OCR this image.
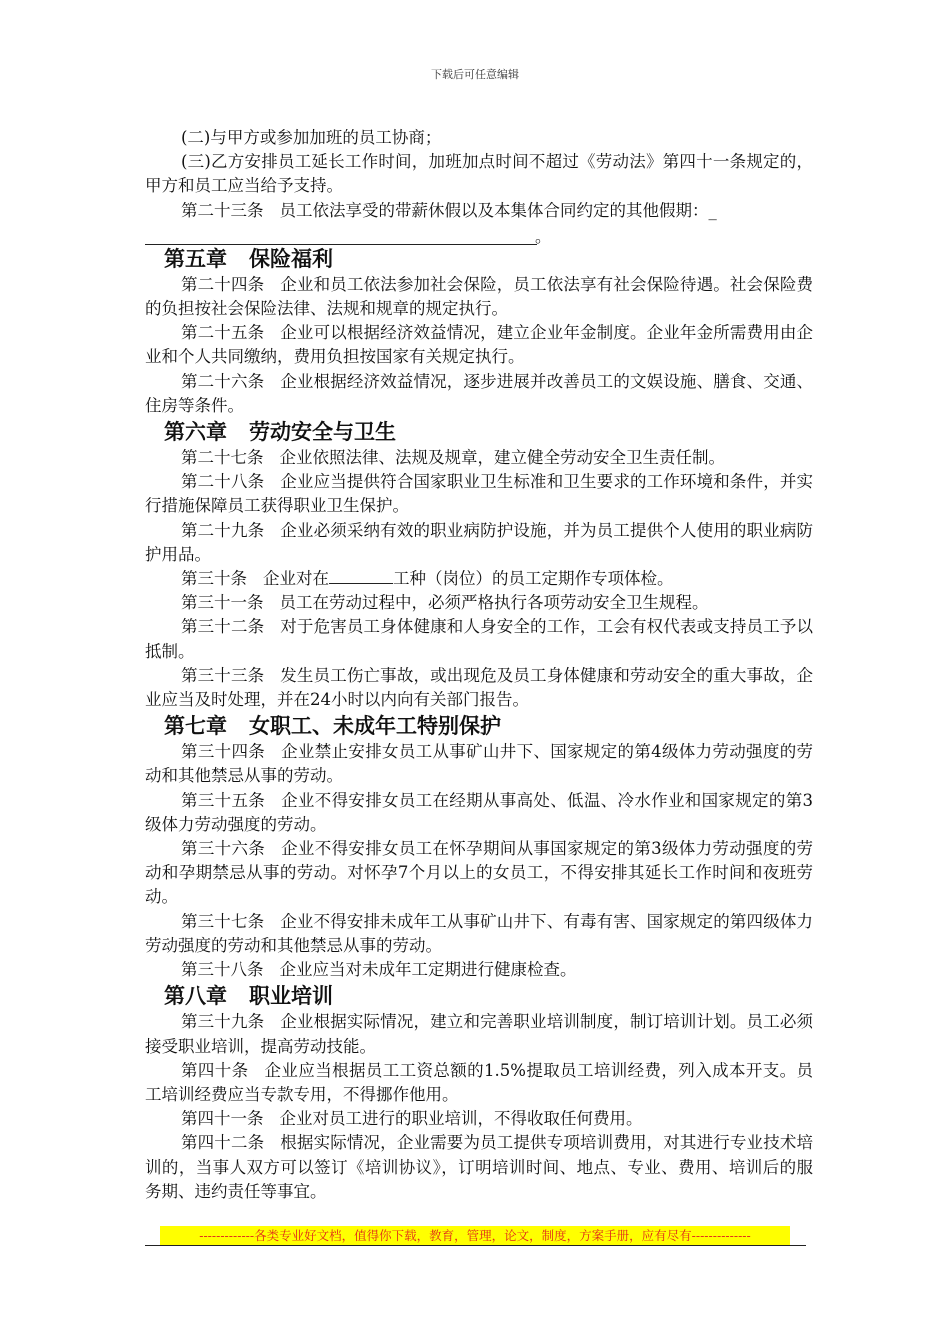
下载后可任意编辑

(二)与甲方或参加加班的员工协商；

(三)乙方安排员工延长工作时间，加班加点时间不超过《劳动法》第四十一条规定的，甲方和员工应当给予支持。

第二十三条 员工依法享受的带薪休假以及本集体合同约定的其他假期：_

。
第五章 保险福利

第二十四条 企业和员工依法参加社会保险，员工依法享有社会保险待遇。社会保险费的负担按社会保险法律、法规和规章的规定执行。

第二十五条 企业可以根据经济效益情况，建立企业年金制度。企业年金所需费用由企业和个人共同缴纳，费用负担按国家有关规定执行。

第二十六条 企业根据经济效益情况，逐步进展并改善员工的文娱设施、膳食、交通、住房等条件。

第六章 劳动安全与卫生

第二十七条 企业依照法律、法规及规章，建立健全劳动安全卫生责任制。

第二十八条 企业应当提供符合国家职业卫生标准和卫生要求的工作环境和条件，并实行措施保障员工获得职业卫生保护。

第二十九条 企业必须采纳有效的职业病防护设施，并为员工提供个人使用的职业病防护用品。

第三十条 企业对在	工种（岗位）的员工定期作专项体检。

第三十一条 员工在劳动过程中，必须严格执行各项劳动安全卫生规程。

第三十二条 对于危害员工身体健康和人身安全的工作，工会有权代表或支持员工予以抵制。

第三十三条 发生员工伤亡事故，或出现危及员工身体健康和劳动安全的重大事故，企业应当及时处理，并在24小时以内向有关部门报告。

第七章 女职工、未成年工特别保护

第三十四条 企业禁止安排女员工从事矿山井下、国家规定的第4级体力劳动强度的劳动和其他禁忌从事的劳动。

第三十五条 企业不得安排女员工在经期从事高处、低温、冷水作业和国家规定的第3级体力劳动强度的劳动。

第三十六条 企业不得安排女员工在怀孕期间从事国家规定的第3级体力劳动强度的劳动和孕期禁忌从事的劳动。对怀孕7个月以上的女员工，不得安排其延长工作时间和夜班劳动。

第三十七条 企业不得安排未成年工从事矿山井下、有毒有害、国家规定的第四级体力劳动强度的劳动和其他禁忌从事的劳动。

第三十八条 企业应当对未成年工定期进行健康检查。

第八章 职业培训

第三十九条 企业根据实际情况，建立和完善职业培训制度，制订培训计划。员工必须接受职业培训，提高劳动技能。

第四十条 企业应当根据员工工资总额的1.5%提取员工培训经费，列入成本开支。员工培训经费应当专款专用，不得挪作他用。

第四十一条 企业对员工进行的职业培训，不得收取任何费用。

第四十二条 根据实际情况，企业需要为员工提供专项培训费用，对其进行专业技术培训的，当事人双方可以签订《培训协议》，订明培训时间、地点、专业、费用、培训后的服务期、违约责任等事宜。

-------------各类专业好文档，值得你下载，教育，管理，论文，制度，方案手册，应有尽有--------------
